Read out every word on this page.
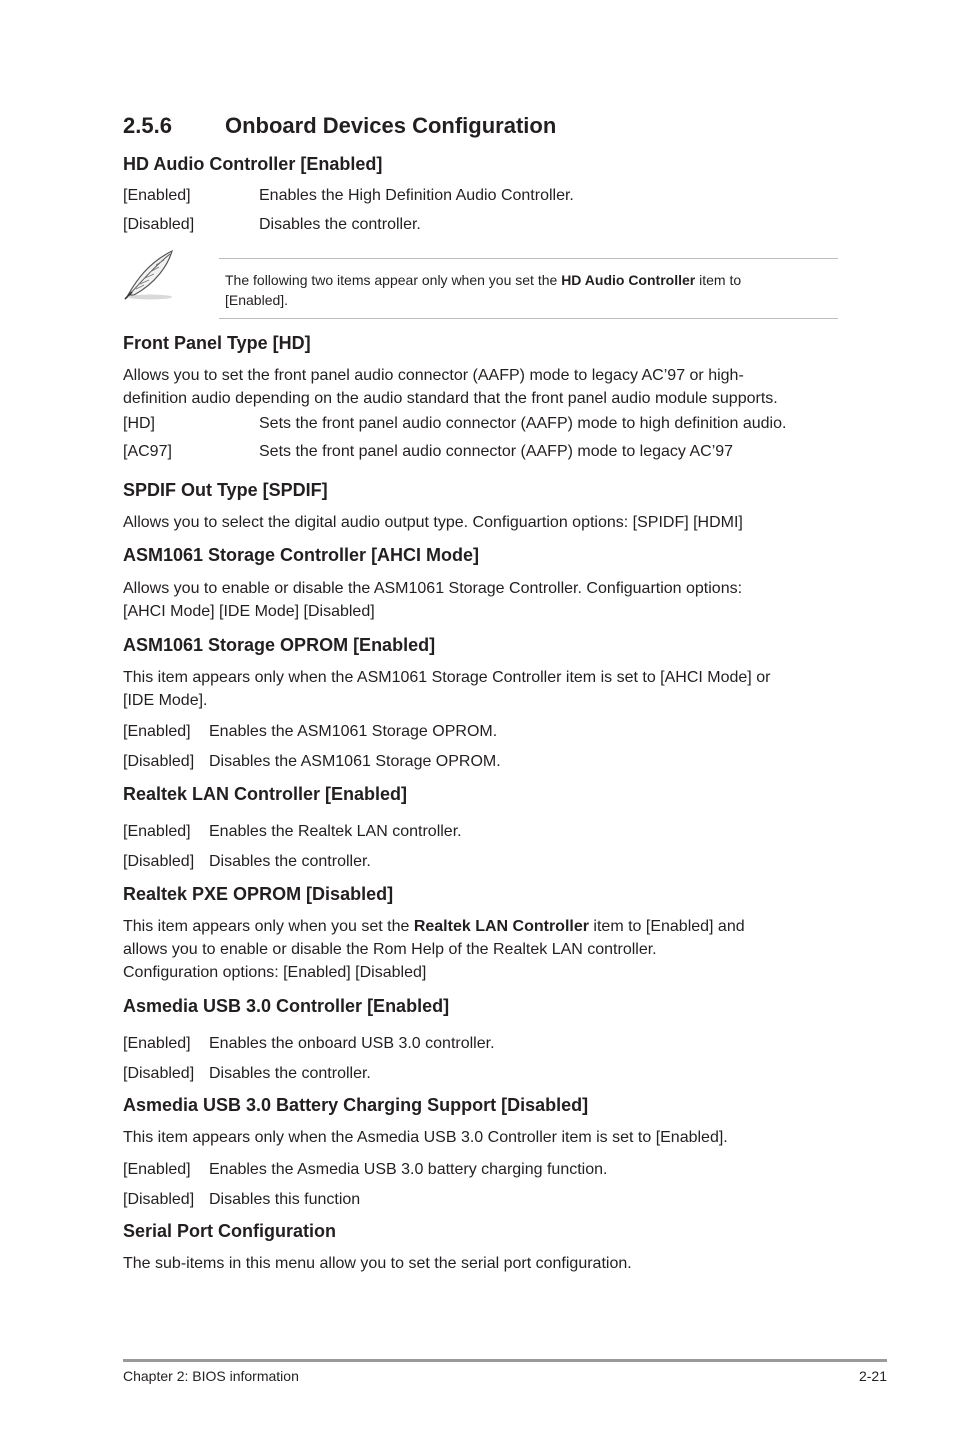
2.5.6 Onboard Devices Configuration
HD Audio Controller [Enabled]
[Enabled]	Enables the High Definition Audio Controller.
[Disabled]	Disables the controller.
The following two items appear only when you set the HD Audio Controller item to
[Enabled].
Front Panel Type [HD]
Allows you to set the front panel audio connector (AAFP) mode to legacy AC’97 or high-
definition audio depending on the audio standard that the front panel audio module supports.
[HD]	Sets the front panel audio connector (AAFP) mode to high definition audio.
[AC97]	Sets the front panel audio connector (AAFP) mode to legacy AC’97
SPDIF Out Type [SPDIF]
Allows you to select the digital audio output type. Configuartion options: [SPIDF] [HDMI]
ASM1061 Storage Controller [AHCI Mode]
Allows you to enable or disable the ASM1061 Storage Controller. Configuartion options:
[AHCI Mode] [IDE Mode] [Disabled]
ASM1061 Storage OPROM [Enabled]
This item appears only when the ASM1061 Storage Controller item is set to [AHCI Mode] or
[IDE Mode].
[Enabled] Enables the ASM1061 Storage OPROM.
[Disabled] Disables the ASM1061 Storage OPROM.
Realtek LAN Controller [Enabled]
[Enabled] Enables the Realtek LAN controller.
[Disabled] Disables the controller.
Realtek PXE OPROM [Disabled]
This item appears only when you set the Realtek LAN Controller item to [Enabled] and
allows you to enable or disable the Rom Help of the Realtek LAN controller.
Configuration options: [Enabled] [Disabled]
Asmedia USB 3.0 Controller [Enabled]
[Enabled] Enables the onboard USB 3.0 controller.
[Disabled] Disables the controller.
Asmedia USB 3.0 Battery Charging Support [Disabled]
This item appears only when the Asmedia USB 3.0 Controller item is set to [Enabled].
[Enabled] Enables the Asmedia USB 3.0 battery charging function.
[Disabled] Disables this function
Serial Port Configuration
The sub-items in this menu allow you to set the serial port configuration.
Chapter 2: BIOS information	2-21
